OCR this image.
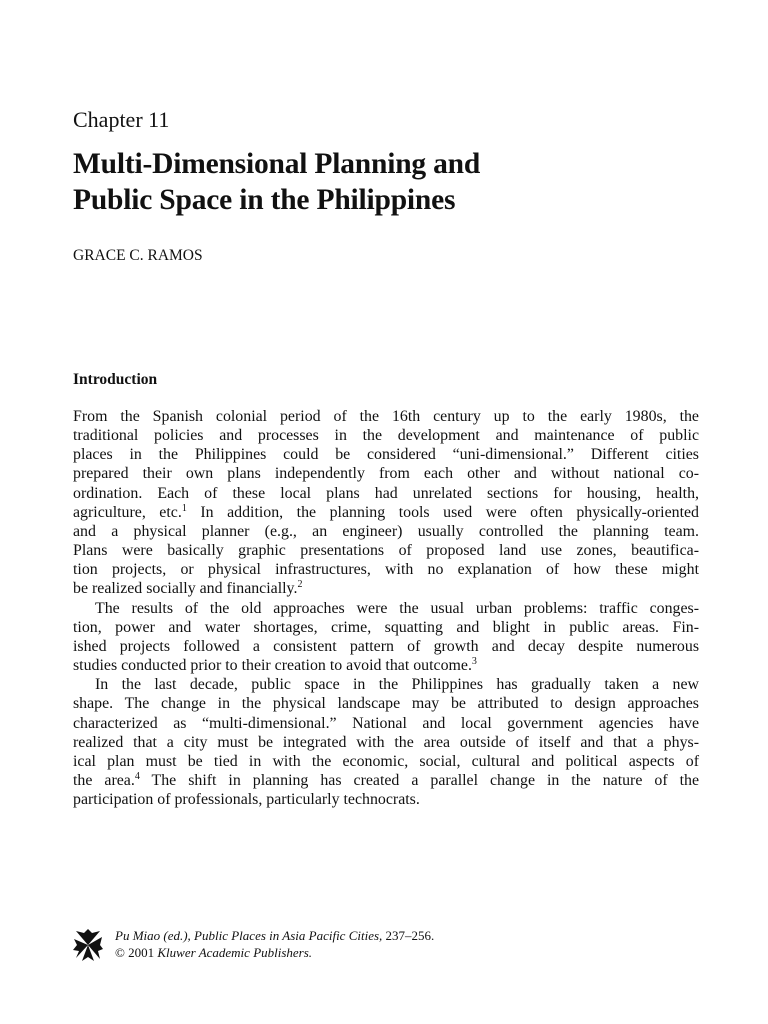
Chapter 11
Multi-Dimensional Planning and
Public Space in the Philippines
GRACE C. RAMOS
Introduction

From the Spanish colonial period of the 16th century up to the early 1980s, the
traditional policies and processes in the development and maintenance of public
places in the Philippines could be considered “uni-dimensional.” Different cities
prepared their own plans independently from each other and without national co-
ordination. Each of these local plans had unrelated sections for housing, health,
agriculture, etc.$^1$ In addition, the planning tools used were often physically-oriented
and a physical planner (e.g., an engineer) usually controlled the planning team.
Plans were basically graphic presentations of proposed land use zones, beautifica-
tion projects, or physical infrastructures, with no explanation of how these might
be realized socially and financially.$^2$

The results of the old approaches were the usual urban problems: traffic conges-
tion, power and water shortages, crime, squatting and blight in public areas. Fin-
ished projects followed a consistent pattern of growth and decay despite numerous
studies conducted prior to their creation to avoid that outcome.$^3$

In the last decade, public space in the Philippines has gradually taken a new
shape. The change in the physical landscape may be attributed to design approaches
characterized as “multi-dimensional.” National and local government agencies have
realized that a city must be integrated with the area outside of itself and that a phys-
ical plan must be tied in with the economic, social, cultural and political aspects of
the area.$^4$ The shift in planning has created a parallel change in the nature of the
participation of professionals, particularly technocrats.

Pu Miao (ed.), Public Places in Asia Pacific Cities, 237–256.
© 2001 Kluwer Academic Publishers.
